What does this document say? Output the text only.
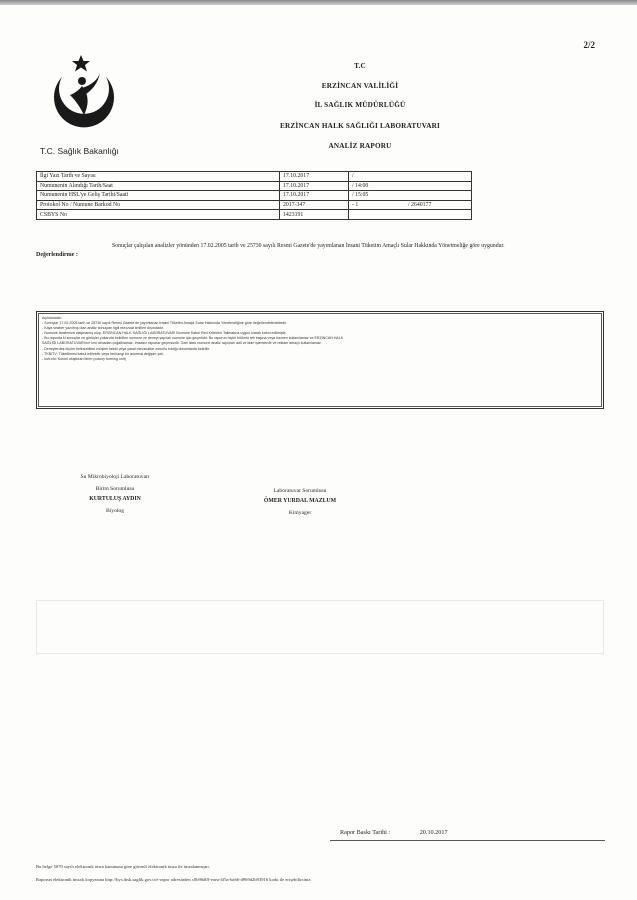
2/2
T.C. Sağlık Bakanlığı
T.C
ERZİNCAN VALİLİĞİ
İL SAĞLIK MÜDÜRLÜĞÜ
ERZİNCAN HALK SAĞLIĞI LABORATUVARI
ANALİZ RAPORU
İlgi Yazı Tarih ve Sayısı	17.10.2017	/	
Numunenin Alındığı Tarih/Saat	17.10.2017	/ 14:00	
Numunenin HSL'ye Geliş Tarihi/Saati	17.10.2017	/ 15:05	
Protokol No / Numune Barkod No	2017-347	- 1	/ 2640177
CSBYS No	1423191		
Değerlendirme :
Sonuçlar çalışılan analizler yönünden 17.02.2005 tarih ve 25730 sayılı Resmi Gazete'de yayımlanan İnsani Tüketim Amaçlı Sular Hakkında Yönetmeliğe göre uygundur.
Açıklamalar:
- Sonuçlar 17.02.2005 tarih ve 25730 sayılı Resmi Gazete'de yayımlanan İnsani Tüketim Amaçlı Sular Hakkında Yönetmeliğine göre değerlendirilmektedir.
- Kaya veaber yazılmış olan analiz sonuçları ilgili mevzuat limitleri dışındadır.
- Numune tarafımıza ulaşmamış olup, ERZİNCAN HALK SAĞLIĞI LABORATUVARI Numune Kabul Red Kriterleri Talimatına uygun olarak kabul edilmiştir.
- Bu raporda ki sonuçlar ve görüşler yukarıda belirtilen numune ve deneyi yapılan numune için geçerlidir. Bu raporun hiçbir bölümü tek başına veya kısmen kullanılamaz ve ERZİNCAN HALK
SAĞLIĞI LABORATUVARI'nın izni olmadan çoğaltılamaz. İmzasız raporlar geçersizdir. Özel istek numune analiz raporları adli ve idari işlemlerde ve reklam amaçlı kullanılamaz.
- Deneylerdeş ölçüm belirsizlikleri müşteri talebi veya yasal mevzuatlar zorunlu kıldığı durumlarda belirtilir.
- TKBİTV: Tüketilmesi kabul edilebilir veya herhangi bir anormal değişim yok.
- koh:cfu: Koloni oluşturan birim (colony forming unit)
Su Mikrobiyoloji Laboratuvarı
Birim Sorumlusu
KURTULUŞ AYDIN
Biyolog
Laboratuvar Sorumlusu
ÖMER YURDAL MAZLUM
Kimyager
Rapor Baskı Tarihi :	20.10.2017
Bu belge 5070 sayılı elektronik imza kanununa göre güvenli elektronik imza ile imzalanmıştır.
Raporun elektronik imzalı kopyasına http://hys.thsk.saglik.gov.tr/e-rapor adresinden c0b96d0f-eaea-4f5a-bab6-d969d2b93916 kodu ile erişebilirsiniz.
